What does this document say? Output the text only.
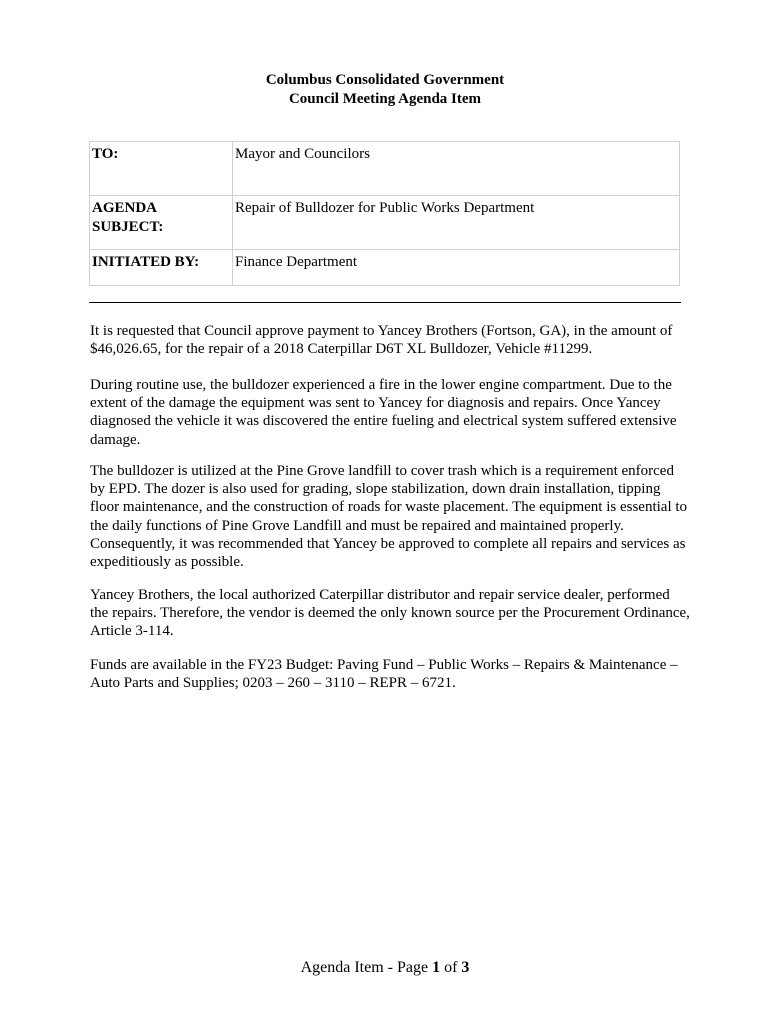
Columbus Consolidated Government
Council Meeting Agenda Item
TO:	Mayor and Councilors
AGENDA
SUBJECT:	Repair of Bulldozer for Public Works Department
INITIATED BY:	Finance Department

It is requested that Council approve payment to Yancey Brothers (Fortson, GA), in the amount of $46,026.65, for the repair of a 2018 Caterpillar D6T XL Bulldozer, Vehicle #11299.

During routine use, the bulldozer experienced a fire in the lower engine compartment. Due to the extent of the damage the equipment was sent to Yancey for diagnosis and repairs. Once Yancey diagnosed the vehicle it was discovered the entire fueling and electrical system suffered extensive damage.

The bulldozer is utilized at the Pine Grove landfill to cover trash which is a requirement enforced by EPD. The dozer is also used for grading, slope stabilization, down drain installation, tipping floor maintenance, and the construction of roads for waste placement. The equipment is essential to the daily functions of Pine Grove Landfill and must be repaired and maintained properly. Consequently, it was recommended that Yancey be approved to complete all repairs and services as expeditiously as possible.

Yancey Brothers, the local authorized Caterpillar distributor and repair service dealer, performed the repairs. Therefore, the vendor is deemed the only known source per the Procurement Ordinance, Article 3-114.

Funds are available in the FY23 Budget: Paving Fund – Public Works – Repairs & Maintenance – Auto Parts and Supplies; 0203 – 260 – 3110 – REPR – 6721.

Agenda Item - Page 1 of 3
